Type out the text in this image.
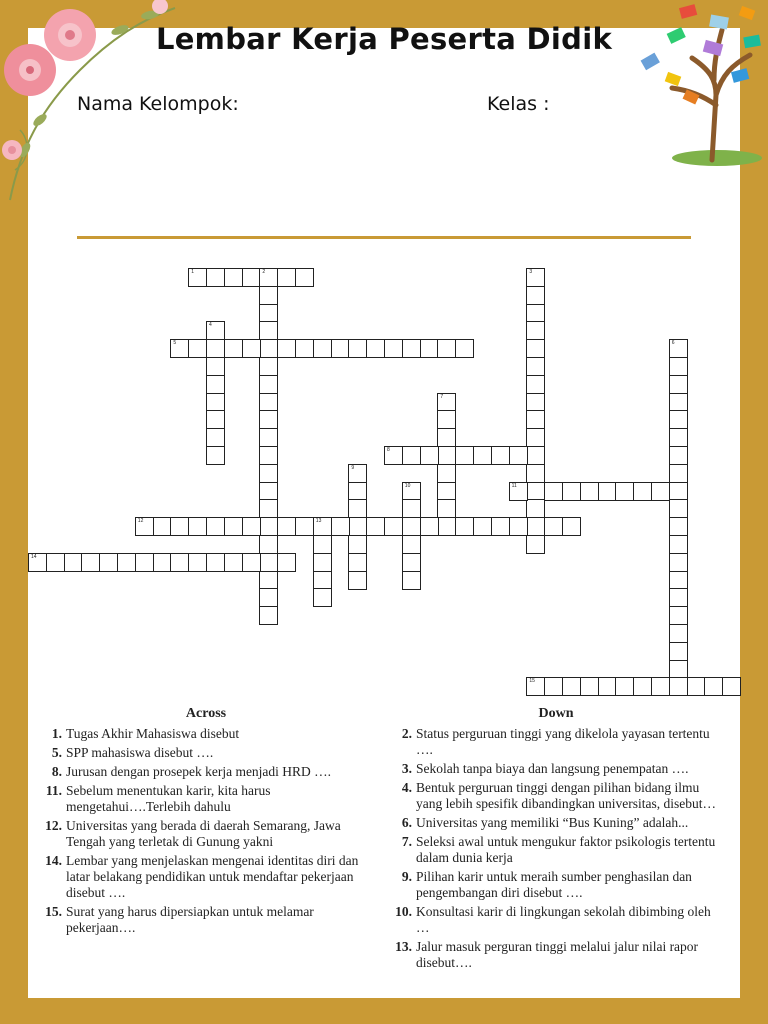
Lembar Kerja Peserta Didik
Nama Kelompok:	Kelas :
1	2	3
4
5	6
7
8
9
10	11
12	13
14
15
Across
1. Tugas Akhir Mahasiswa disebut
5. SPP mahasiswa disebut ….
8. Jurusan dengan prosepek kerja menjadi HRD ….
11. Sebelum menentukan karir, kita harus mengetahui….Terlebih dahulu
12. Universitas yang berada di daerah Semarang, Jawa Tengah yang terletak di Gunung yakni
14. Lembar yang menjelaskan mengenai identitas diri dan latar belakang pendidikan untuk mendaftar pekerjaan disebut ….
15. Surat yang harus dipersiapkan untuk melamar pekerjaan….
Down
2. Status perguruan tinggi yang dikelola yayasan tertentu ….
3. Sekolah tanpa biaya dan langsung penempatan ….
4. Bentuk perguruan tinggi dengan pilihan bidang ilmu yang lebih spesifik dibandingkan universitas, disebut…
6. Universitas yang memiliki “Bus Kuning” adalah...
7. Seleksi awal untuk mengukur faktor psikologis tertentu dalam dunia kerja
9. Pilihan karir untuk meraih sumber penghasilan dan pengembangan diri disebut ….
10. Konsultasi karir di lingkungan sekolah dibimbing oleh …
13. Jalur masuk perguran tinggi melalui jalur nilai rapor disebut….
